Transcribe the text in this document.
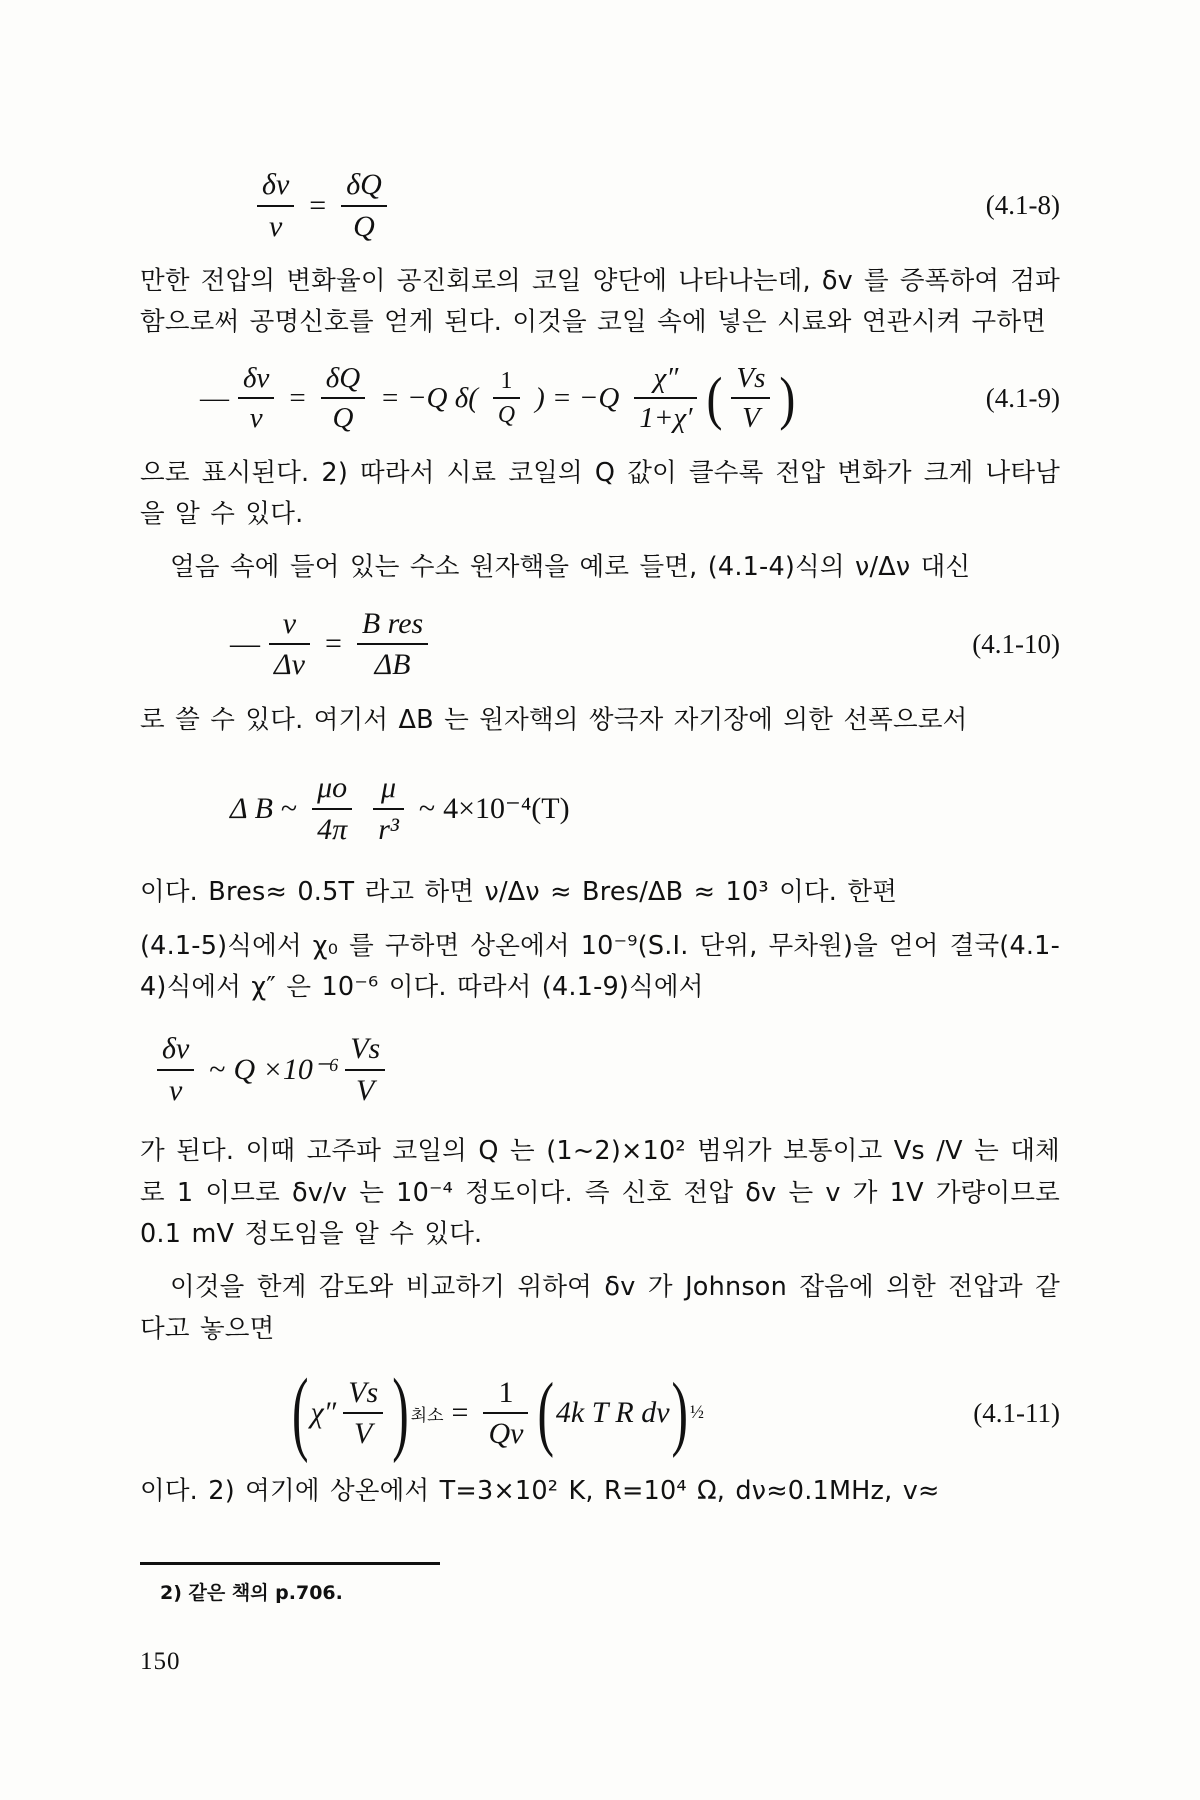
$\frac{\delta v}{v} = \frac{\delta Q}{Q}$	(4.1-8)

만한 전압의 변화율이 공진회로의 코일 양단에 나타나는데, δv 를 증폭하여 검파함으로써 공명신호를 얻게 된다. 이것을 코일 속에 넣은 시료와 연관시켜 구하면

— $\frac{\delta v}{v} = \frac{\delta Q}{Q} = -Q$ $\delta( \frac{1}{Q}$ ) = $-Q \frac{\chi''}{1+\chi'}$ ( $\frac{Vs}{V}$ )	(4.1-9)

으로 표시된다. 2) 따라서 시료 코일의 Q 값이 클수록 전압 변화가 크게 나타남을 알 수 있다.

얼음 속에 들어 있는 수소 원자핵을 예로 들면, (4.1-4)식의 ν/Δν 대신

— $\frac{\nu}{\Delta\nu} = \frac{\text{B res}}{\Delta B}$	(4.1-10)

로 쓸 수 있다. 여기서 ΔB 는 원자핵의 쌍극자 자기장에 의한 선폭으로서

Δ B ~ $\frac{\mu o}{4\pi} \frac{\mu}{\text{r³}}$ ~ 4×10⁻⁴(T)

이다. Bres≈ 0.5T 라고 하면 ν/Δν ≈ Bres/ΔB ≈ 10³ 이다. 한편

(4.1-5)식에서 χ₀ 를 구하면 상온에서 10⁻⁹(S.I. 단위, 무차원)을 얻어 결국(4.1-4)식에서 χ″ 은 10⁻⁶ 이다. 따라서 (4.1-9)식에서

$\frac{\delta v}{v}$ ~ $Q \times 10^{-6} \frac{Vs}{V}$

가 된다. 이때 고주파 코일의 Q 는 (1~2)×10² 범위가 보통이고 Vs /V 는 대체로 1 이므로 δv/v 는 10⁻⁴ 정도이다. 즉 신호 전압 δv 는 v 가 1V 가량이므로 0.1 mV 정도임을 알 수 있다.

이것을 한계 감도와 비교하기 위하여 δv 가 Johnson 잡음에 의한 전압과 같다고 놓으면

( $\chi'' \frac{Vs}{V}$ ) 최소 = $\frac{1}{Qv}$ ( 4k T R dν ) ½	(4.1-11)

이다. 2) 여기에 상온에서 T=3×10² K, R=10⁴ Ω, dν≈0.1MHz, v≈

2) 같은 책의 p.706.
150
